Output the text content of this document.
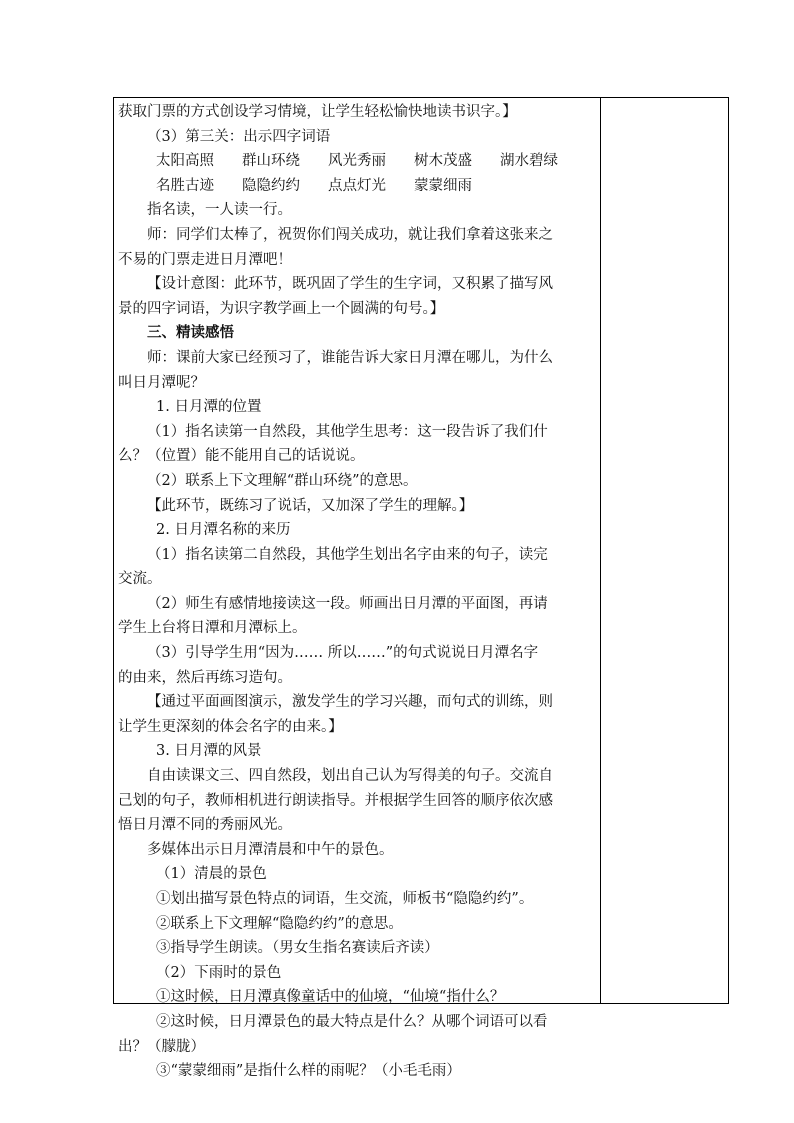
获取门票的方式创设学习情境，让学生轻松愉快地读书识字。】
（3）第三关：出示四字词语
太阳高照 群山环绕 风光秀丽 树木茂盛 湖水碧绿
名胜古迹 隐隐约约 点点灯光 蒙蒙细雨
指名读，一人读一行。
师：同学们太棒了，祝贺你们闯关成功，就让我们拿着这张来之
不易的门票走进日月潭吧！
【设计意图：此环节，既巩固了学生的生字词，又积累了描写风
景的四字词语，为识字教学画上一个圆满的句号。】
三、精读感悟
师：课前大家已经预习了，谁能告诉大家日月潭在哪儿，为什么
叫日月潭呢？
1. 日月潭的位置
（1）指名读第一自然段，其他学生思考：这一段告诉了我们什
么？（位置）能不能用自己的话说说。
（2）联系上下文理解“群山环绕”的意思。
【此环节，既练习了说话，又加深了学生的理解。】
2. 日月潭名称的来历
（1）指名读第二自然段，其他学生划出名字由来的句子，读完
交流。
（2）师生有感情地接读这一段。师画出日月潭的平面图，再请
学生上台将日潭和月潭标上。
（3）引导学生用“因为…… 所以……”的句式说说日月潭名字
的由来，然后再练习造句。
【通过平面画图演示，激发学生的学习兴趣，而句式的训练，则
让学生更深刻的体会名字的由来。】
3. 日月潭的风景
自由读课文三、四自然段，划出自己认为写得美的句子。交流自
己划的句子，教师相机进行朗读指导。并根据学生回答的顺序依次感
悟日月潭不同的秀丽风光。
多媒体出示日月潭清晨和中午的景色。
（1）清晨的景色
①划出描写景色特点的词语，生交流，师板书“隐隐约约”。
②联系上下文理解“隐隐约约”的意思。
③指导学生朗读。（男女生指名赛读后齐读）
（2）下雨时的景色
①这时候，日月潭真像童话中的仙境，“仙境“指什么？
②这时候，日月潭景色的最大特点是什么？从哪个词语可以看
出？（朦胧）
③“蒙蒙细雨”是指什么样的雨呢？（小毛毛雨）
